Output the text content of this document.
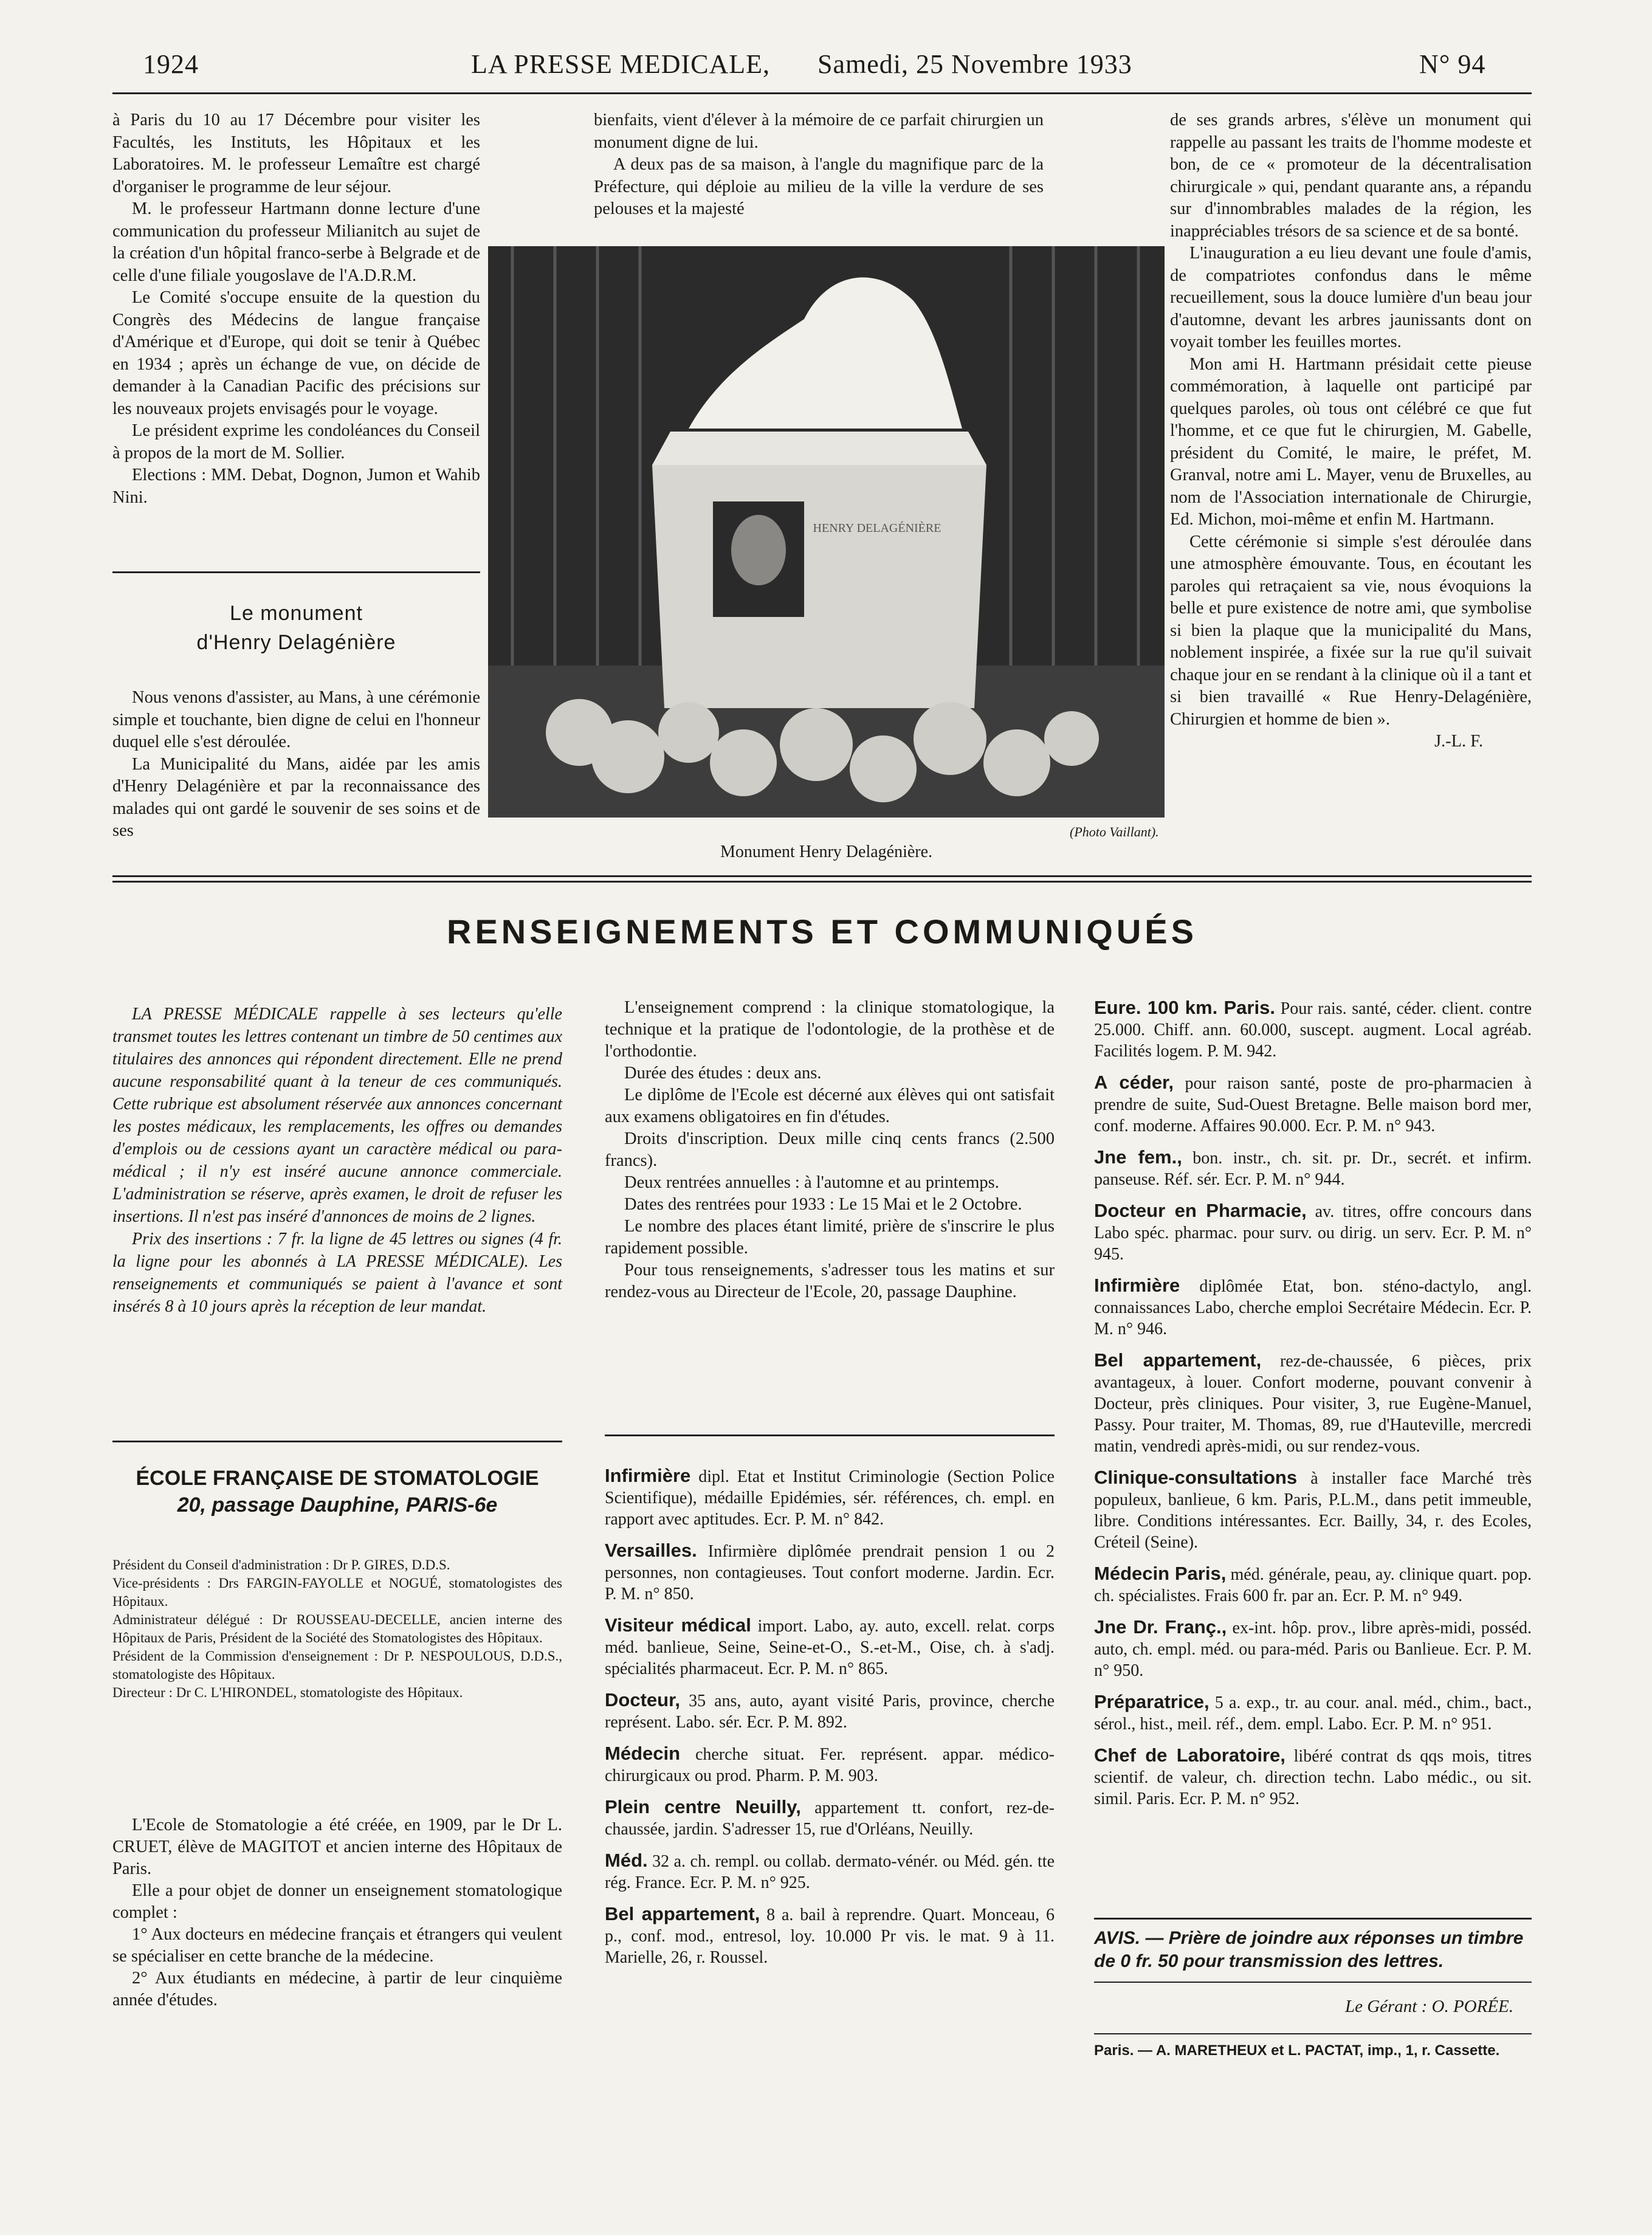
1924	LA PRESSE MEDICALE, Samedi, 25 Novembre 1933	N° 94

à Paris du 10 au 17 Décembre pour visiter les Facultés, les Instituts, les Hôpitaux et les Laboratoires. M. le professeur Lemaître est chargé d'organiser le programme de leur séjour.

M. le professeur Hartmann donne lecture d'une communication du professeur Milianitch au sujet de la création d'un hôpital franco-serbe à Belgrade et de celle d'une filiale yougoslave de l'A.D.R.M.

Le Comité s'occupe ensuite de la question du Congrès des Médecins de langue française d'Amérique et d'Europe, qui doit se tenir à Québec en 1934 ; après un échange de vue, on décide de demander à la Canadian Pacific des précisions sur les nouveaux projets envisagés pour le voyage.

Le président exprime les condoléances du Conseil à propos de la mort de M. Sollier.

Elections : MM. Debat, Dognon, Jumon et Wahib Nini.

Le monument
d'Henry Delagénière

Nous venons d'assister, au Mans, à une cérémonie simple et touchante, bien digne de celui en l'honneur duquel elle s'est déroulée.

La Municipalité du Mans, aidée par les amis d'Henry Delagénière et par la reconnaissance des malades qui ont gardé le souvenir de ses soins et de ses

bienfaits, vient d'élever à la mémoire de ce parfait chirurgien un monument digne de lui.

A deux pas de sa maison, à l'angle du magnifique parc de la Préfecture, qui déploie au milieu de la ville la verdure de ses pelouses et la majesté

HENRY DELAGÉNIÈRE
(Photo Vaillant).
Monument Henry Delagénière.

de ses grands arbres, s'élève un monument qui rappelle au passant les traits de l'homme modeste et bon, de ce « promoteur de la décentralisation chirurgicale » qui, pendant quarante ans, a répandu sur d'innombrables malades de la région, les inappréciables trésors de sa science et de sa bonté.

L'inauguration a eu lieu devant une foule d'amis, de compatriotes confondus dans le même recueillement, sous la douce lumière d'un beau jour d'automne, devant les arbres jaunissants dont on voyait tomber les feuilles mortes.

Mon ami H. Hartmann présidait cette pieuse commémoration, à laquelle ont participé par quelques paroles, où tous ont célébré ce que fut l'homme, et ce que fut le chirurgien, M. Gabelle, président du Comité, le maire, le préfet, M. Granval, notre ami L. Mayer, venu de Bruxelles, au nom de l'Association internationale de Chirurgie, Ed. Michon, moi-même et enfin M. Hartmann.

Cette cérémonie si simple s'est déroulée dans une atmosphère émouvante. Tous, en écoutant les paroles qui retraçaient sa vie, nous évoquions la belle et pure existence de notre ami, que symbolise si bien la plaque que la municipalité du Mans, noblement inspirée, a fixée sur la rue qu'il suivait chaque jour en se rendant à la clinique où il a tant et si bien travaillé « Rue Henry-Delagénière, Chirurgien et homme de bien ».

J.-L. F.

RENSEIGNEMENTS ET COMMUNIQUÉS

LA PRESSE MÉDICALE rappelle à ses lecteurs qu'elle transmet toutes les lettres contenant un timbre de 50 centimes aux titulaires des annonces qui répondent directement. Elle ne prend aucune responsabilité quant à la teneur de ces communiqués. Cette rubrique est absolument réservée aux annonces concernant les postes médicaux, les remplacements, les offres ou demandes d'emplois ou de cessions ayant un caractère médical ou para-médical ; il n'y est inséré aucune annonce commerciale. L'administration se réserve, après examen, le droit de refuser les insertions. Il n'est pas inséré d'annonces de moins de 2 lignes.

Prix des insertions : 7 fr. la ligne de 45 lettres ou signes (4 fr. la ligne pour les abonnés à LA PRESSE MÉDICALE). Les renseignements et communiqués se paient à l'avance et sont insérés 8 à 10 jours après la réception de leur mandat.

ÉCOLE FRANÇAISE DE STOMATOLOGIE
20, passage Dauphine, PARIS-6e

Président du Conseil d'administration : Dr P. GIRES, D.D.S.

Vice-présidents : Drs FARGIN-FAYOLLE et NOGUÉ, stomatologistes des Hôpitaux.

Administrateur délégué : Dr ROUSSEAU-DECELLE, ancien interne des Hôpitaux de Paris, Président de la Société des Stomatologistes des Hôpitaux.

Président de la Commission d'enseignement : Dr P. NESPOULOUS, D.D.S., stomatologiste des Hôpitaux.

Directeur : Dr C. L'HIRONDEL, stomatologiste des Hôpitaux.

L'Ecole de Stomatologie a été créée, en 1909, par le Dr L. CRUET, élève de MAGITOT et ancien interne des Hôpitaux de Paris.

Elle a pour objet de donner un enseignement stomatologique complet :

1° Aux docteurs en médecine français et étrangers qui veulent se spécialiser en cette branche de la médecine.

2° Aux étudiants en médecine, à partir de leur cinquième année d'études.

L'enseignement comprend : la clinique stomatologique, la technique et la pratique de l'odontologie, de la prothèse et de l'orthodontie.

Durée des études : deux ans.

Le diplôme de l'Ecole est décerné aux élèves qui ont satisfait aux examens obligatoires en fin d'études.

Droits d'inscription. Deux mille cinq cents francs (2.500 francs).

Deux rentrées annuelles : à l'automne et au printemps.

Dates des rentrées pour 1933 : Le 15 Mai et le 2 Octobre.

Le nombre des places étant limité, prière de s'inscrire le plus rapidement possible.

Pour tous renseignements, s'adresser tous les matins et sur rendez-vous au Directeur de l'Ecole, 20, passage Dauphine.

Infirmière dipl. Etat et Institut Criminologie (Section Police Scientifique), médaille Epidémies, sér. références, ch. empl. en rapport avec aptitudes. Ecr. P. M. n° 842.

Versailles. Infirmière diplômée prendrait pension 1 ou 2 personnes, non contagieuses. Tout confort moderne. Jardin. Ecr. P. M. n° 850.

Visiteur médical import. Labo, ay. auto, excell. relat. corps méd. banlieue, Seine, Seine-et-O., S.-et-M., Oise, ch. à s'adj. spécialités pharmaceut. Ecr. P. M. n° 865.

Docteur, 35 ans, auto, ayant visité Paris, province, cherche représent. Labo. sér. Ecr. P. M. 892.

Médecin cherche situat. Fer. représent. appar. médico-chirurgicaux ou prod. Pharm. P. M. 903.

Plein centre Neuilly, appartement tt. confort, rez-de-chaussée, jardin. S'adresser 15, rue d'Orléans, Neuilly.

Méd. 32 a. ch. rempl. ou collab. dermato-vénér. ou Méd. gén. tte rég. France. Ecr. P. M. n° 925.

Bel appartement, 8 a. bail à reprendre. Quart. Monceau, 6 p., conf. mod., entresol, loy. 10.000 Pr vis. le mat. 9 à 11. Marielle, 26, r. Roussel.

Eure. 100 km. Paris. Pour rais. santé, céder. client. contre 25.000. Chiff. ann. 60.000, suscept. augment. Local agréab. Facilités logem. P. M. 942.

A céder, pour raison santé, poste de pro-pharmacien à prendre de suite, Sud-Ouest Bretagne. Belle maison bord mer, conf. moderne. Affaires 90.000. Ecr. P. M. n° 943.

Jne fem., bon. instr., ch. sit. pr. Dr., secrét. et infirm. panseuse. Réf. sér. Ecr. P. M. n° 944.

Docteur en Pharmacie, av. titres, offre concours dans Labo spéc. pharmac. pour surv. ou dirig. un serv. Ecr. P. M. n° 945.

Infirmière diplômée Etat, bon. sténo-dactylo, angl. connaissances Labo, cherche emploi Secrétaire Médecin. Ecr. P. M. n° 946.

Bel appartement, rez-de-chaussée, 6 pièces, prix avantageux, à louer. Confort moderne, pouvant convenir à Docteur, près cliniques. Pour visiter, 3, rue Eugène-Manuel, Passy. Pour traiter, M. Thomas, 89, rue d'Hauteville, mercredi matin, vendredi après-midi, ou sur rendez-vous.

Clinique-consultations à installer face Marché très populeux, banlieue, 6 km. Paris, P.L.M., dans petit immeuble, libre. Conditions intéressantes. Ecr. Bailly, 34, r. des Ecoles, Créteil (Seine).

Médecin Paris, méd. générale, peau, ay. clinique quart. pop. ch. spécialistes. Frais 600 fr. par an. Ecr. P. M. n° 949.

Jne Dr. Franç., ex-int. hôp. prov., libre après-midi, posséd. auto, ch. empl. méd. ou para-méd. Paris ou Banlieue. Ecr. P. M. n° 950.

Préparatrice, 5 a. exp., tr. au cour. anal. méd., chim., bact., sérol., hist., meil. réf., dem. empl. Labo. Ecr. P. M. n° 951.

Chef de Laboratoire, libéré contrat ds qqs mois, titres scientif. de valeur, ch. direction techn. Labo médic., ou sit. simil. Paris. Ecr. P. M. n° 952.

AVIS. — Prière de joindre aux réponses un timbre de 0 fr. 50 pour transmission des lettres.
Le Gérant : O. PORÉE.
Paris. — A. MARETHEUX et L. PACTAT, imp., 1, r. Cassette.
